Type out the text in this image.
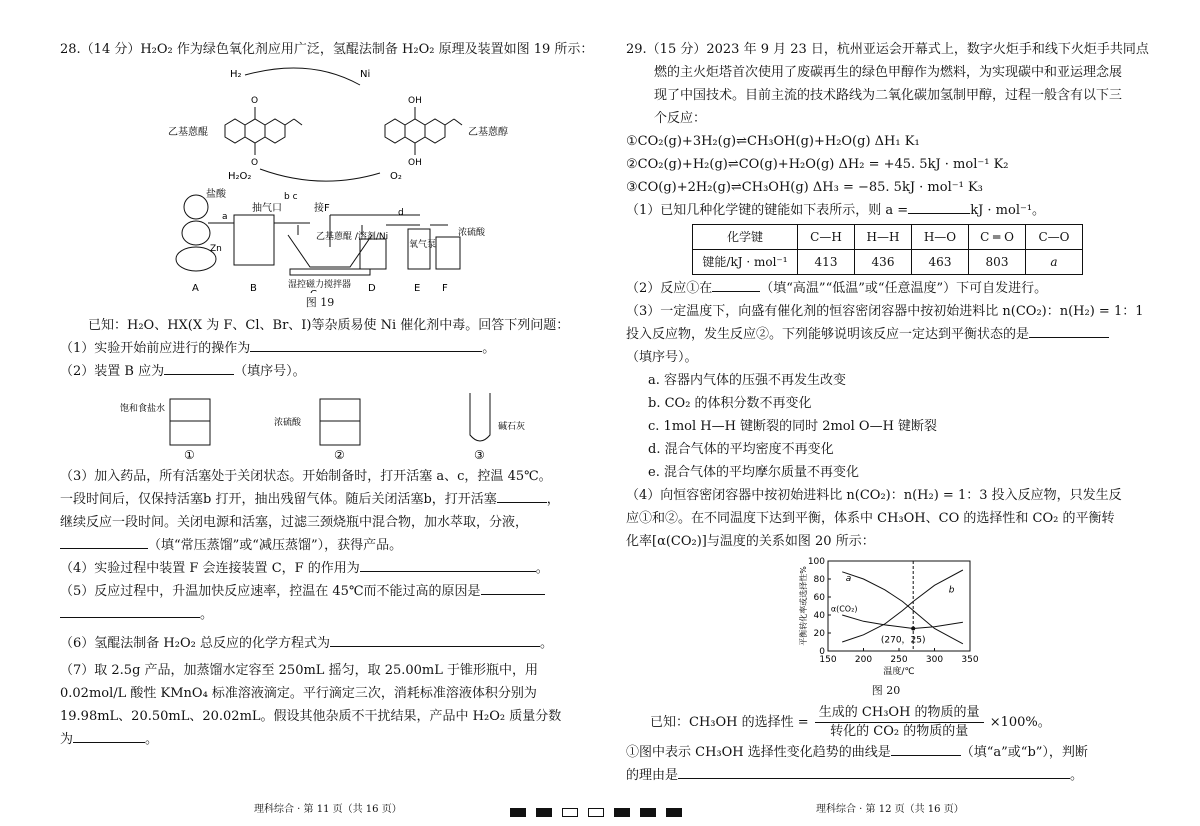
28.（14 分）H₂O₂ 作为绿色氧化剂应用广泛，氢醌法制备 H₂O₂ 原理及装置如图 19 所示：
H₂	Ni
O
O
乙基蒽醌
OH
OH
乙基蒽醇
H₂O₂	O₂
盐酸
Zn
a
抽气口
b c
接F	d
乙基蒽醌 /溶剂/Ni
湿控磁力搅拌器
氧气泵
浓硫酸
A	B	D	E F
图 19
已知：H₂O、HX(X 为 F、Cl、Br、I)等杂质易使 Ni 催化剂中毒。回答下列问题：
（1）实验开始前应进行的操作为	。
（2）装置 B 应为	（填序号）。
饱和食盐水
浓硫酸	碱石灰
①	②	③
（3）加入药品，所有活塞处于关闭状态。开始制备时，打开活塞 a、c，控温 45℃。
一段时间后，仅保持活塞b 打开，抽出残留气体。随后关闭活塞b，打开活塞	，
继续反应一段时间。关闭电源和活塞，过滤三颈烧瓶中混合物，加水萃取，分液，
（填“常压蒸馏”或“减压蒸馏”），获得产品。
（4）实验过程中装置 F 会连接装置 C，F 的作用为	。
（5）反应过程中，升温加快反应速率，控温在 45℃而不能过高的原因是
。
（6）氢醌法制备 H₂O₂ 总反应的化学方程式为	。
（7）取 2.5g 产品，加蒸馏水定容至 250mL 摇匀，取 25.00mL 于锥形瓶中，用
0.02mol/L 酸性 KMnO₄ 标准溶液滴定。平行滴定三次，消耗标准溶液体积分别为
19.98mL、20.50mL、20.02mL。假设其他杂质不干扰结果，产品中 H₂O₂ 质量分数
为	。
29.（15 分）2023 年 9 月 23 日，杭州亚运会开幕式上，数字火炬手和线下火炬手共同点
燃的主火炬塔首次使用了废碳再生的绿色甲醇作为燃料，为实现碳中和亚运理念展
现了中国技术。目前主流的技术路线为二氧化碳加氢制甲醇，过程一般含有以下三
个反应：
①CO₂(g)+3H₂(g)⇌CH₃OH(g)+H₂O(g) ΔH₁ K₁
②CO₂(g)+H₂(g)⇌CO(g)+H₂O(g) ΔH₂ = +45. 5kJ · mol⁻¹ K₂
③CO(g)+2H₂(g)⇌CH₃OH(g) ΔH₃ = −85. 5kJ · mol⁻¹ K₃
（1）已知几种化学键的键能如下表所示，则 a =	kJ · mol⁻¹。
化学键	C—H	H—H	H—O	C ═ O	C—O
键能/kJ · mol⁻¹	413	436	463	803	a
（2）反应①在	（填“高温”“低温”或“任意温度”）下可自发进行。
（3）一定温度下，向盛有催化剂的恒容密闭容器中按初始进料比 n(CO₂)：n(H₂) = 1：1
投入反应物，发生反应②。下列能够说明该反应一定达到平衡状态的是
（填序号）。
a. 容器内气体的压强不再发生改变
b. CO₂ 的体积分数不再变化
c. 1mol H—H 键断裂的同时 2mol O—H 键断裂
d. 混合气体的平均密度不再变化
e. 混合气体的平均摩尔质量不再变化
（4）向恒容密闭容器中按初始进料比 n(CO₂)：n(H₂) = 1：3 投入反应物，只发生反
应①和②。在不同温度下达到平衡，体系中 CH₃OH、CO 的选择性和 CO₂ 的平衡转
化率[α(CO₂)]与温度的关系如图 20 所示：
150 200 250 300 350
0
20
40
60
80
100
温度/℃
平衡转化率或选择性%	a
b
α(CO₂)
(270，25)
图 20
已知：CH₃OH 的选择性 = $\frac{\text{生成的 CH₃OH 的物质的量}}{\text{转化的 CO₂ 的物质的量}} \times 100\%$。
①图中表示 CH₃OH 选择性变化趋势的曲线是	（填“a”或“b”），判断
的理由是	。
理科综合 · 第 11 页（共 16 页）	理科综合 · 第 12 页（共 16 页）
